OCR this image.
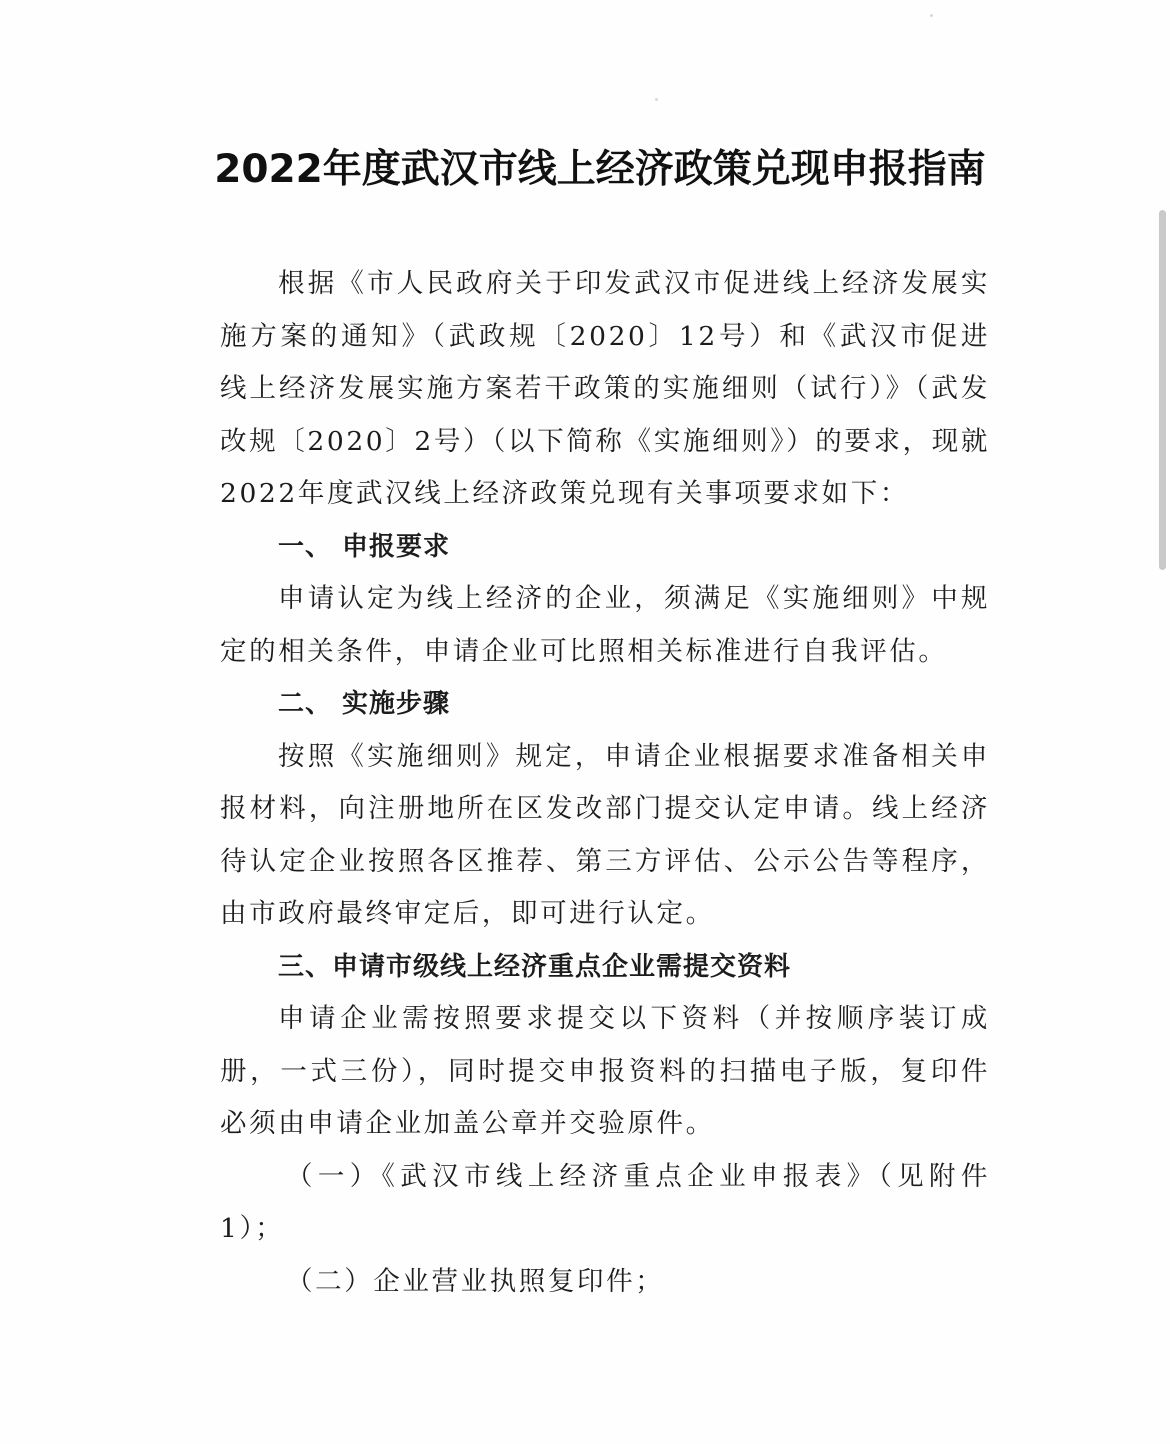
2022年度武汉市线上经济政策兑现申报指南

根据《市人民政府关于印发武汉市促进线上经济发展实施方案的通知》（武政规〔2020〕12号）和《武汉市促进线上经济发展实施方案若干政策的实施细则（试行）》（武发改规〔2020〕2号）（以下简称《实施细则》）的要求，现就2022年度武汉线上经济政策兑现有关事项要求如下：

一、 申报要求

申请认定为线上经济的企业，须满足《实施细则》中规定的相关条件，申请企业可比照相关标准进行自我评估。

二、 实施步骤

按照《实施细则》规定，申请企业根据要求准备相关申报材料，向注册地所在区发改部门提交认定申请。线上经济待认定企业按照各区推荐、第三方评估、公示公告等程序，由市政府最终审定后，即可进行认定。

三、申请市级线上经济重点企业需提交资料

申请企业需按照要求提交以下资料（并按顺序装订成册，一式三份），同时提交申报资料的扫描电子版，复印件必须由申请企业加盖公章并交验原件。

（一）《武汉市线上经济重点企业申报表》（见附件1）；

（二）企业营业执照复印件；
